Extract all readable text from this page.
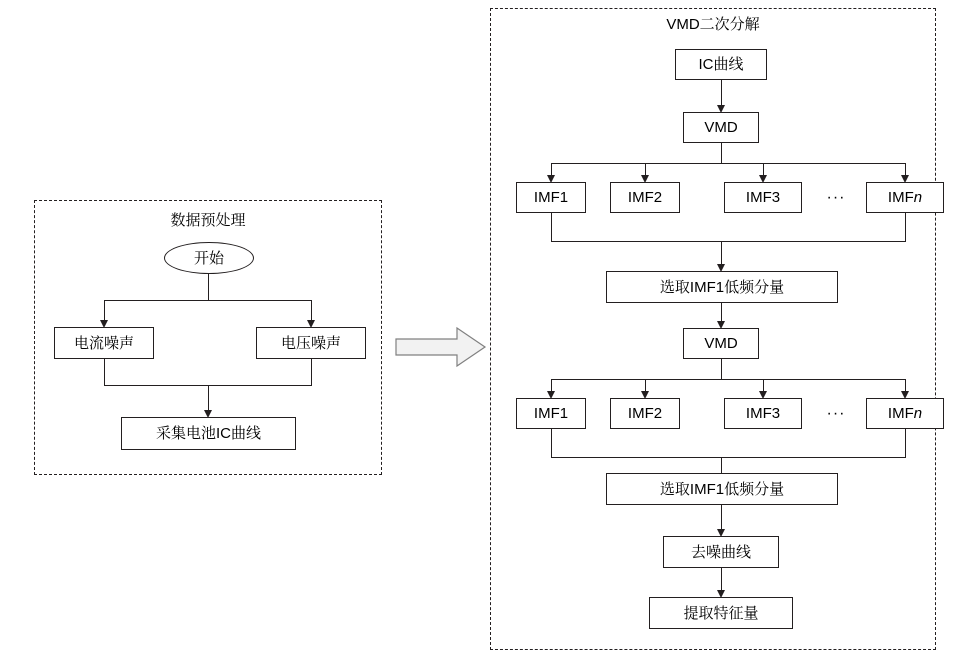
数据预处理
开始
电流噪声	电压噪声
采集电池IC曲线
VMD二次分解
IC曲线
VMD
IMF1	IMF2	IMF3	···	IMF n
选取IMF1低频分量
VMD
IMF1	IMF2	IMF3	···	IMF n
选取IMF1低频分量
去噪曲线
提取特征量
